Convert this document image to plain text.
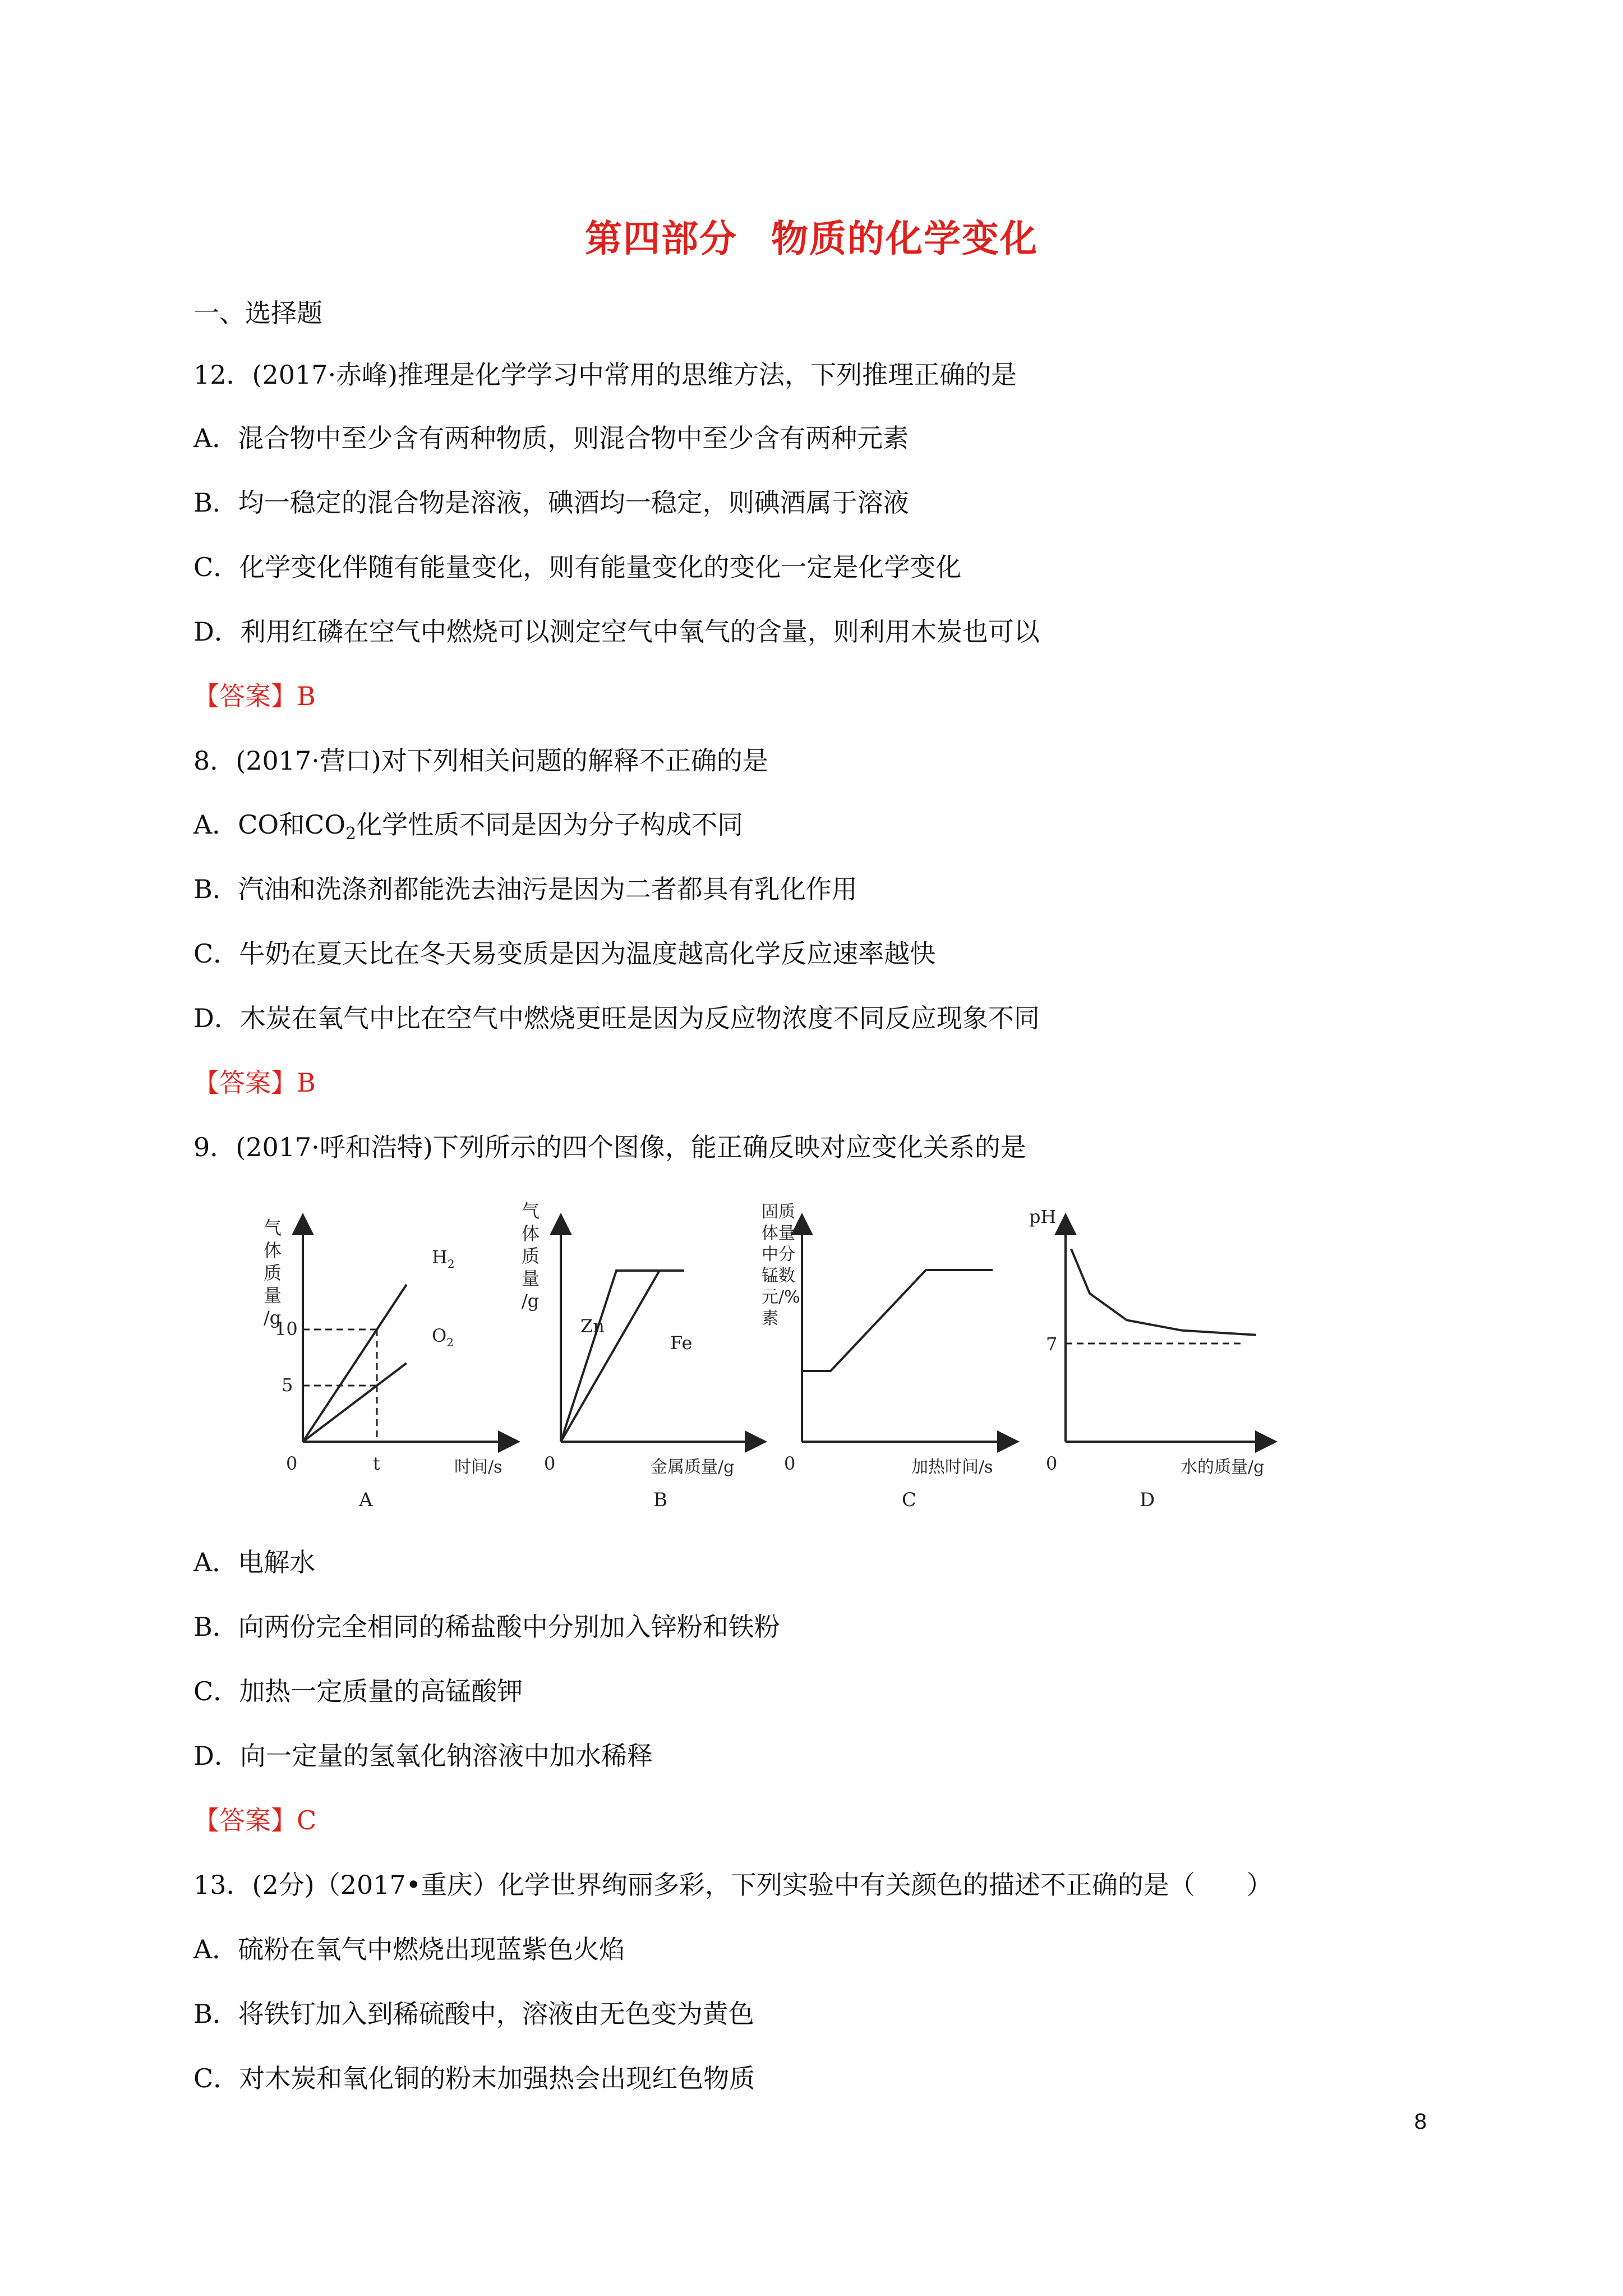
第四部分 物质的化学变化
一、选择题
12．(2017·赤峰)推理是化学学习中常用的思维方法，下列推理正确的是
A．混合物中至少含有两种物质，则混合物中至少含有两种元素
B．均一稳定的混合物是溶液，碘酒均一稳定，则碘酒属于溶液
C．化学变化伴随有能量变化，则有能量变化的变化一定是化学变化
D．利用红磷在空气中燃烧可以测定空气中氧气的含量，则利用木炭也可以
【答案】B
8．(2017·营口)对下列相关问题的解释不正确的是
A．CO和$CO_2$化学性质不同是因为分子构成不同
B．汽油和洗涤剂都能洗去油污是因为二者都具有乳化作用
C．牛奶在夏天比在冬天易变质是因为温度越高化学反应速率越快
D．木炭在氧气中比在空气中燃烧更旺是因为反应物浓度不同反应现象不同
【答案】B
9．(2017·呼和浩特)下列所示的四个图像，能正确反映对应变化关系的是
气
体
质
量
/g
10
5
t
0
$H_2$
$O_2$
时间/s
A
气
体
质
量
/g
Zn
Fe
0	金属质量/g
B
固质
体量
中分
锰数
元/%
素
0	加热时间/s
C
pH
7
0	水的质量/g
D
A．电解水
B．向两份完全相同的稀盐酸中分别加入锌粉和铁粉
C．加热一定质量的高锰酸钾
D．向一定量的氢氧化钠溶液中加水稀释
【答案】C
13．(2分)（2017•重庆）化学世界绚丽多彩，下列实验中有关颜色的描述不正确的是（　　）
A．硫粉在氧气中燃烧出现蓝紫色火焰
B．将铁钉加入到稀硫酸中，溶液由无色变为黄色
C．对木炭和氧化铜的粉末加强热会出现红色物质
8
